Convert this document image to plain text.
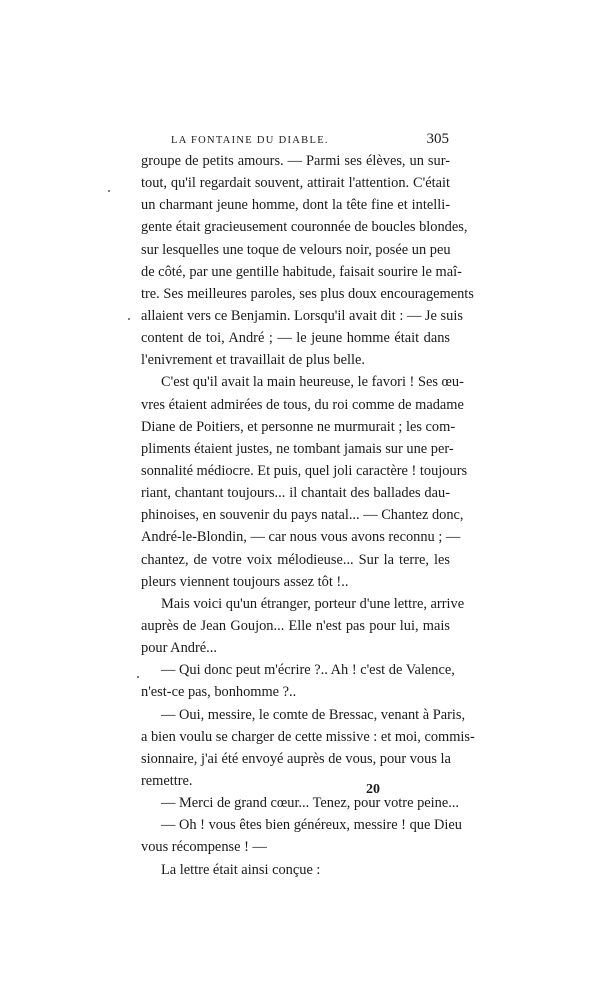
LA FONTAINE DU DIABLE.	305
groupe de petits amours. — Parmi ses élèves, un sur-
tout, qu'il regardait souvent, attirait l'attention. C'était
un charmant jeune homme, dont la tête fine et intelli-
gente était gracieusement couronnée de boucles blondes,
sur lesquelles une toque de velours noir, posée un peu
de côté, par une gentille habitude, faisait sourire le maî-
tre. Ses meilleures paroles, ses plus doux encouragements
allaient vers ce Benjamin. Lorsqu'il avait dit : — Je suis
content de toi, André ; — le jeune homme était dans
l'enivrement et travaillait de plus belle.
C'est qu'il avait la main heureuse, le favori ! Ses œu-
vres étaient admirées de tous, du roi comme de madame
Diane de Poitiers, et personne ne murmurait ; les com-
pliments étaient justes, ne tombant jamais sur une per-
sonnalité médiocre. Et puis, quel joli caractère ! toujours
riant, chantant toujours... il chantait des ballades dau-
phinoises, en souvenir du pays natal... — Chantez donc,
André-le-Blondin, — car nous vous avons reconnu ; —
chantez, de votre voix mélodieuse... Sur la terre, les
pleurs viennent toujours assez tôt !..
Mais voici qu'un étranger, porteur d'une lettre, arrive
auprès de Jean Goujon... Elle n'est pas pour lui, mais
pour André...
— Qui donc peut m'écrire ?.. Ah ! c'est de Valence,
n'est-ce pas, bonhomme ?..
— Oui, messire, le comte de Bressac, venant à Paris,
a bien voulu se charger de cette missive : et moi, commis-
sionnaire, j'ai été envoyé auprès de vous, pour vous la
remettre.
— Merci de grand cœur... Tenez, pour votre peine...
— Oh ! vous êtes bien généreux, messire ! que Dieu
vous récompense ! —
La lettre était ainsi conçue :
20
